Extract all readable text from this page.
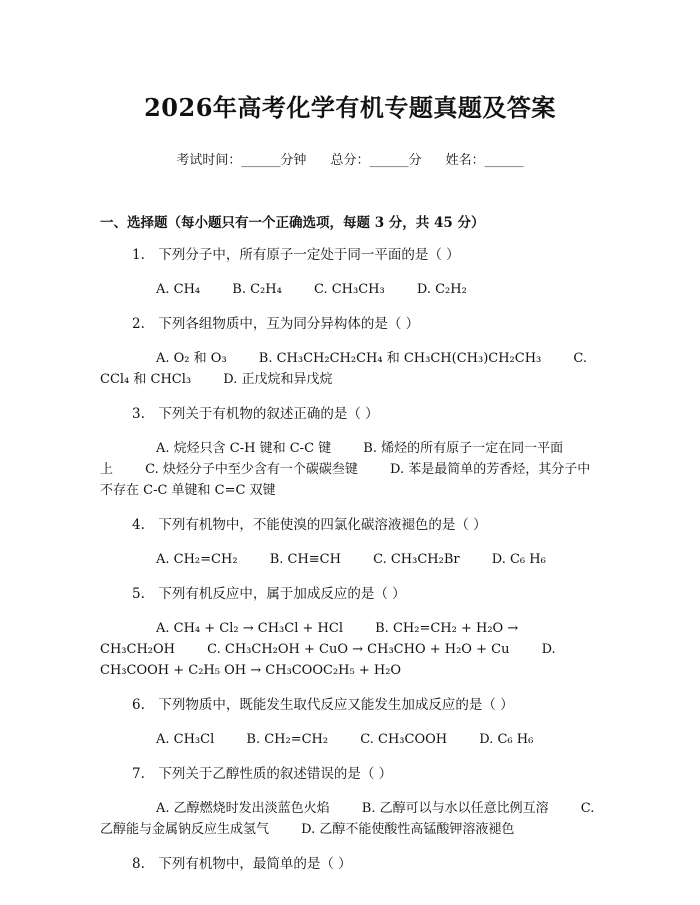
2026年高考化学有机专题真题及答案
考试时间：______分钟 总分：______分 姓名：______
一、选择题（每小题只有一个正确选项，每题 3 分，共 45 分）
1.　下列分子中，所有原子一定处于同一平面的是（ ）
A. CH₄ B. C₂H₄ C. CH₃CH₃ D. C₂H₂
2.　下列各组物质中，互为同分异构体的是（ ）
A. O₂ 和 O₃ B. CH₃CH₂CH₂CH₄ 和 CH₃CH(CH₃)CH₂CH₃ C. CCl₄ 和 CHCl₃ D. 正戊烷和异戊烷
3.　下列关于有机物的叙述正确的是（ ）
A. 烷烃只含 C-H 键和 C-C 键 B. 烯烃的所有原子一定在同一平面上 C. 炔烃分子中至少含有一个碳碳叁键 D. 苯是最简单的芳香烃，其分子中不存在 C-C 单键和 C=C 双键
4.　下列有机物中，不能使溴的四氯化碳溶液褪色的是（ ）
A. CH₂=CH₂ B. CH≡CH C. CH₃CH₂Br D. C₆ H₆
5.　下列有机反应中，属于加成反应的是（ ）
A. CH₄ + Cl₂ → CH₃Cl + HCl B. CH₂=CH₂ + H₂O → CH₃CH₂OH C. CH₃CH₂OH + CuO → CH₃CHO + H₂O + Cu D. CH₃COOH + C₂H₅ OH → CH₃COOC₂H₅ + H₂O
6.　下列物质中，既能发生取代反应又能发生加成反应的是（ ）
A. CH₃Cl B. CH₂=CH₂ C. CH₃COOH D. C₆ H₆
7.　下列关于乙醇性质的叙述错误的是（ ）
A. 乙醇燃烧时发出淡蓝色火焰 B. 乙醇可以与水以任意比例互溶 C. 乙醇能与金属钠反应生成氢气 D. 乙醇不能使酸性高锰酸钾溶液褪色
8.　下列有机物中，最简单的是（ ）
